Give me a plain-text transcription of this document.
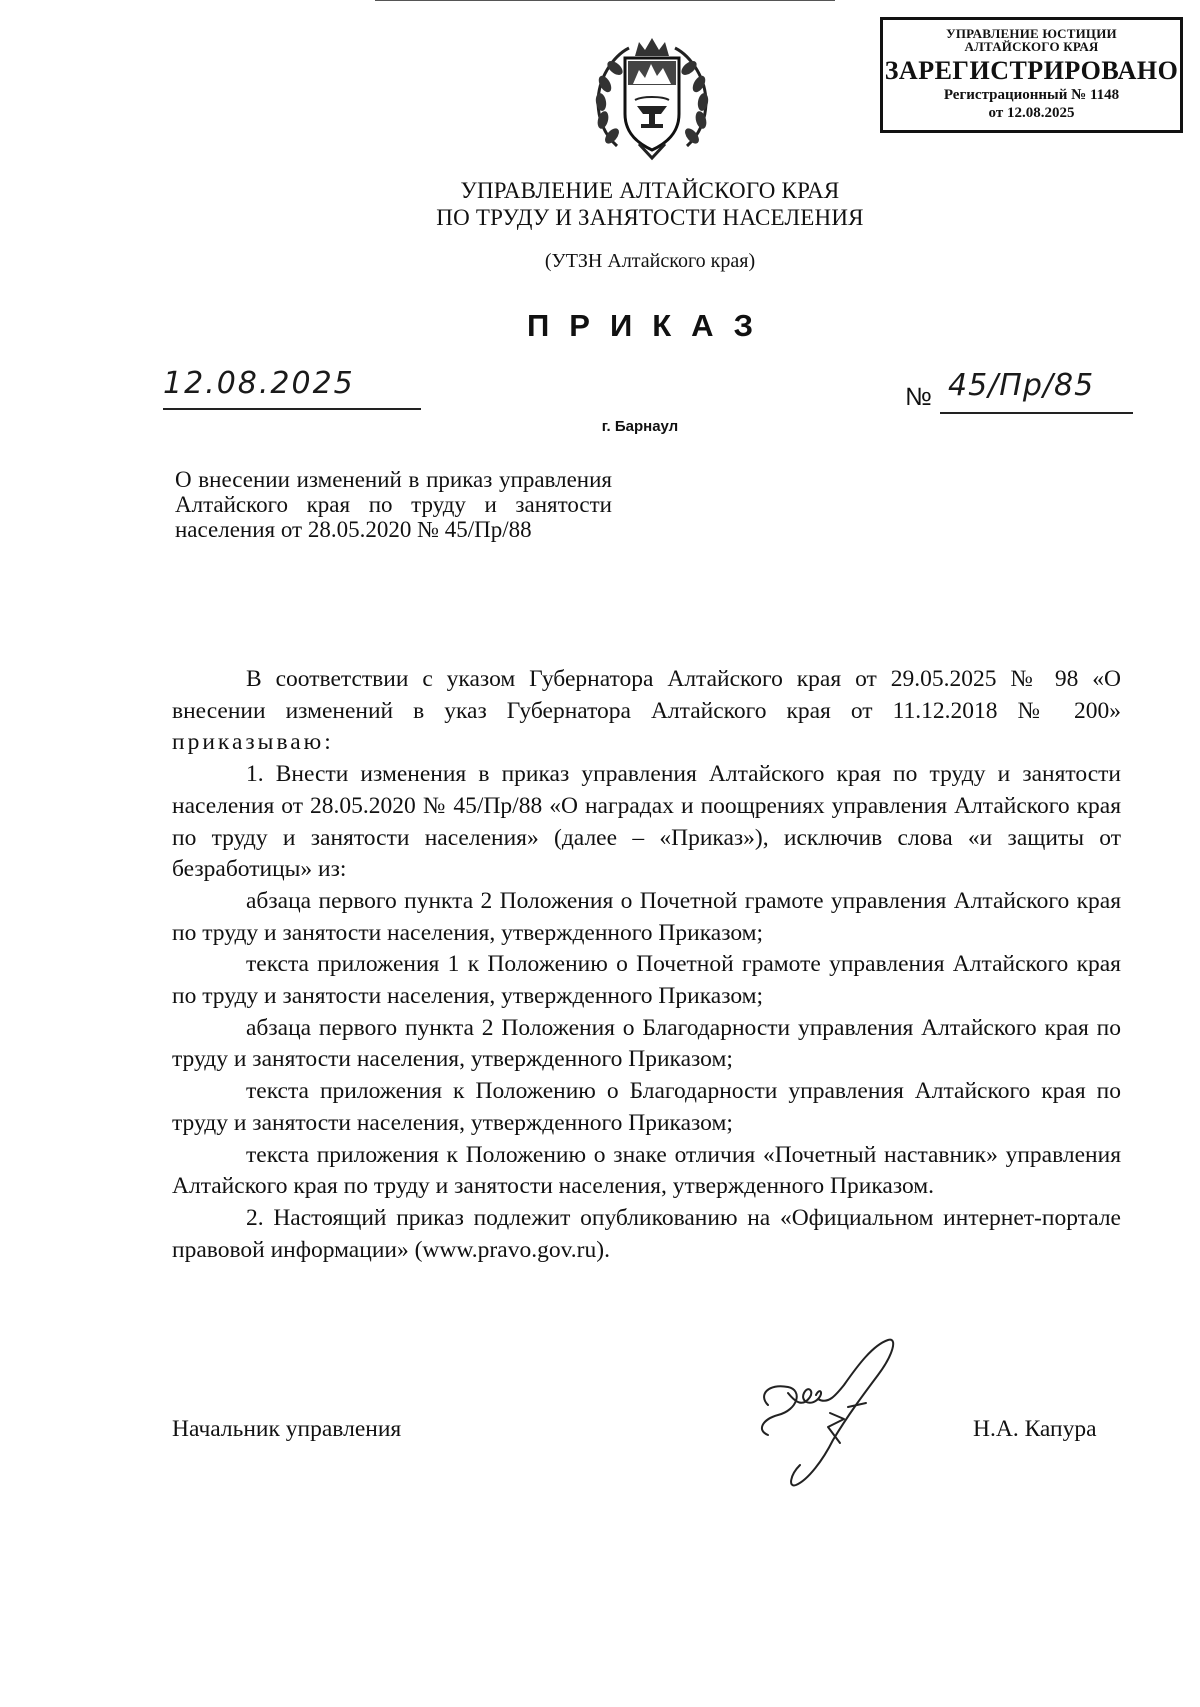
УПРАВЛЕНИЕ ЮСТИЦИИ АЛТАЙСКОГО КРАЯ
ЗАРЕГИСТРИРОВАНО
Регистрационный № 1148
от 12.08.2025
УПРАВЛЕНИЕ АЛТАЙСКОГО КРАЯ
ПО ТРУДУ И ЗАНЯТОСТИ НАСЕЛЕНИЯ
(УТЗН Алтайского края)
ПРИКАЗ
12.08.2025	№ 45/Пр/85
г. Барнаул
О внесении изменений в приказ управления Алтайского края по труду и занятости населения от 28.05.2020 № 45/Пр/88

В соответствии с указом Губернатора Алтайского края от 29.05.2025 № 98 «О внесении изменений в указ Губернатора Алтайского края от 11.12.2018 № 200» приказываю:

1. Внести изменения в приказ управления Алтайского края по труду и занятости населения от 28.05.2020 № 45/Пр/88 «О наградах и поощрениях управления Алтайского края по труду и занятости населения» (далее – «Приказ»), исключив слова «и защиты от безработицы» из:

абзаца первого пункта 2 Положения о Почетной грамоте управления Алтайского края по труду и занятости населения, утвержденного Приказом;

текста приложения 1 к Положению о Почетной грамоте управления Алтайского края по труду и занятости населения, утвержденного Приказом;

абзаца первого пункта 2 Положения о Благодарности управления Алтайского края по труду и занятости населения, утвержденного Приказом;

текста приложения к Положению о Благодарности управления Алтайского края по труду и занятости населения, утвержденного Приказом;

текста приложения к Положению о знаке отличия «Почетный наставник» управления Алтайского края по труду и занятости населения, утвержденного Приказом.

2. Настоящий приказ подлежит опубликованию на «Официальном интернет-портале правовой информации» (www.pravo.gov.ru).

Начальник управления	Н.А. Капура
